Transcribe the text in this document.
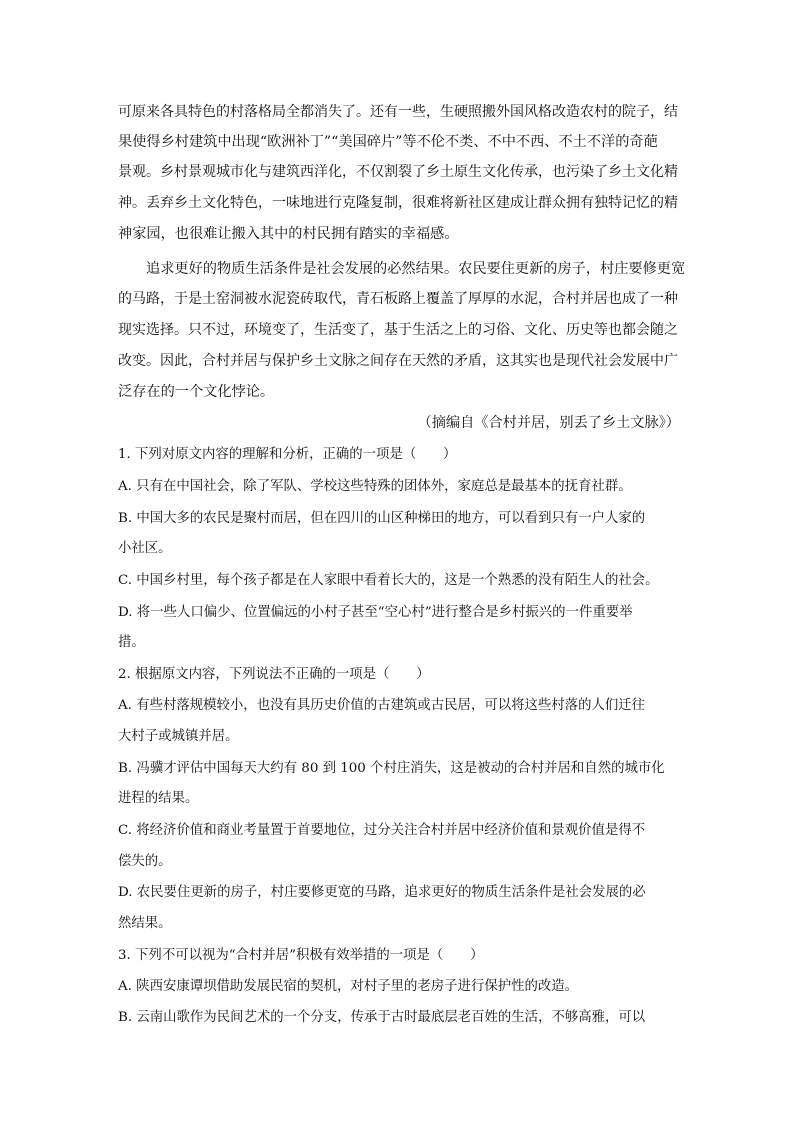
可原来各具特色的村落格局全都消失了。还有一些，生硬照搬外国风格改造农村的院子，结
果使得乡村建筑中出现“欧洲补丁”“美国碎片”等不伦不类、不中不西、不土不洋的奇葩
景观。乡村景观城市化与建筑西洋化，不仅割裂了乡土原生文化传承，也污染了乡土文化精
神。丢弃乡土文化特色，一味地进行克隆复制，很难将新社区建成让群众拥有独特记忆的精
神家园，也很难让搬入其中的村民拥有踏实的幸福感。
追求更好的物质生活条件是社会发展的必然结果。农民要住更新的房子，村庄要修更宽
的马路，于是土窑洞被水泥瓷砖取代，青石板路上覆盖了厚厚的水泥，合村并居也成了一种
现实选择。只不过，环境变了，生活变了，基于生活之上的习俗、文化、历史等也都会随之
改变。因此，合村并居与保护乡土文脉之间存在天然的矛盾，这其实也是现代社会发展中广
泛存在的一个文化悖论。
（摘编自《合村并居，别丢了乡土文脉》）
1. 下列对原文内容的理解和分析，正确的一项是（　　）
A. 只有在中国社会，除了军队、学校这些特殊的团体外，家庭总是最基本的抚育社群。
B. 中国大多的农民是聚村而居，但在四川的山区种梯田的地方，可以看到只有一户人家的
小社区。
C. 中国乡村里，每个孩子都是在人家眼中看着长大的，这是一个熟悉的没有陌生人的社会。
D. 将一些人口偏少、位置偏远的小村子甚至“空心村”进行整合是乡村振兴的一件重要举
措。
2. 根据原文内容，下列说法不正确的一项是（　　）
A. 有些村落规模较小，也没有具历史价值的古建筑或古民居，可以将这些村落的人们迁往
大村子或城镇并居。
B. 冯骥才评估中国每天大约有 80 到 100 个村庄消失，这是被动的合村并居和自然的城市化
进程的结果。
C. 将经济价值和商业考量置于首要地位，过分关注合村并居中经济价值和景观价值是得不
偿失的。
D. 农民要住更新的房子，村庄要修更宽的马路，追求更好的物质生活条件是社会发展的必
然结果。
3. 下列不可以视为“合村并居”积极有效举措的一项是（　　）
A. 陕西安康谭坝借助发展民宿的契机，对村子里的老房子进行保护性的改造。
B. 云南山歌作为民间艺术的一个分支，传承于古时最底层老百姓的生活，不够高雅，可以
